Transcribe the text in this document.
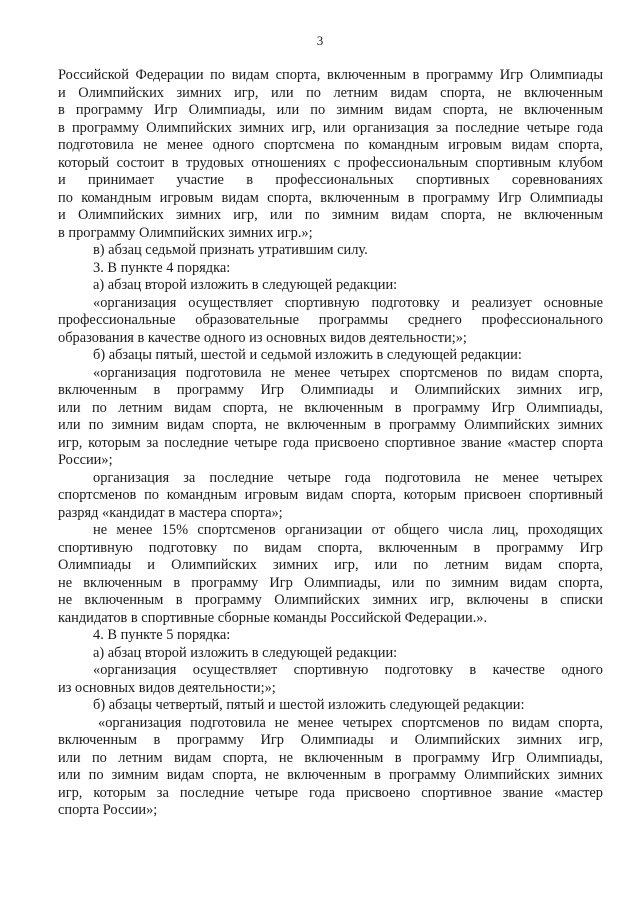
3
Российской Федерации по видам спорта, включенным в программу Игр Олимпиады
и Олимпийских зимних игр, или по летним видам спорта, не включенным
в программу Игр Олимпиады, или по зимним видам спорта, не включенным
в программу Олимпийских зимних игр, или организация за последние четыре года
подготовила не менее одного спортсмена по командным игровым видам спорта,
который состоит в трудовых отношениях с профессиональным спортивным клубом
и принимает участие в профессиональных спортивных соревнованиях
по командным игровым видам спорта, включенным в программу Игр Олимпиады
и Олимпийских зимних игр, или по зимним видам спорта, не включенным
в программу Олимпийских зимних игр.»;
в) абзац седьмой признать утратившим силу.
3. В пункте 4 порядка:
а) абзац второй изложить в следующей редакции:
«организация осуществляет спортивную подготовку и реализует основные
профессиональные образовательные программы среднего профессионального
образования в качестве одного из основных видов деятельности;»;
б) абзацы пятый, шестой и седьмой изложить в следующей редакции:
«организация подготовила не менее четырех спортсменов по видам спорта,
включенным в программу Игр Олимпиады и Олимпийских зимних игр,
или по летним видам спорта, не включенным в программу Игр Олимпиады,
или по зимним видам спорта, не включенным в программу Олимпийских зимних
игр, которым за последние четыре года присвоено спортивное звание «мастер спорта
России»;
организация за последние четыре года подготовила не менее четырех
спортсменов по командным игровым видам спорта, которым присвоен спортивный
разряд «кандидат в мастера спорта»;
не менее 15% спортсменов организации от общего числа лиц, проходящих
спортивную подготовку по видам спорта, включенным в программу Игр
Олимпиады и Олимпийских зимних игр, или по летним видам спорта,
не включенным в программу Игр Олимпиады, или по зимним видам спорта,
не включенным в программу Олимпийских зимних игр, включены в списки
кандидатов в спортивные сборные команды Российской Федерации.».
4. В пункте 5 порядка:
а) абзац второй изложить в следующей редакции:
«организация осуществляет спортивную подготовку в качестве одного
из основных видов деятельности;»;
б) абзацы четвертый, пятый и шестой изложить следующей редакции:
«организация подготовила не менее четырех спортсменов по видам спорта,
включенным в программу Игр Олимпиады и Олимпийских зимних игр,
или по летним видам спорта, не включенным в программу Игр Олимпиады,
или по зимним видам спорта, не включенным в программу Олимпийских зимних
игр, которым за последние четыре года присвоено спортивное звание «мастер
спорта России»;
